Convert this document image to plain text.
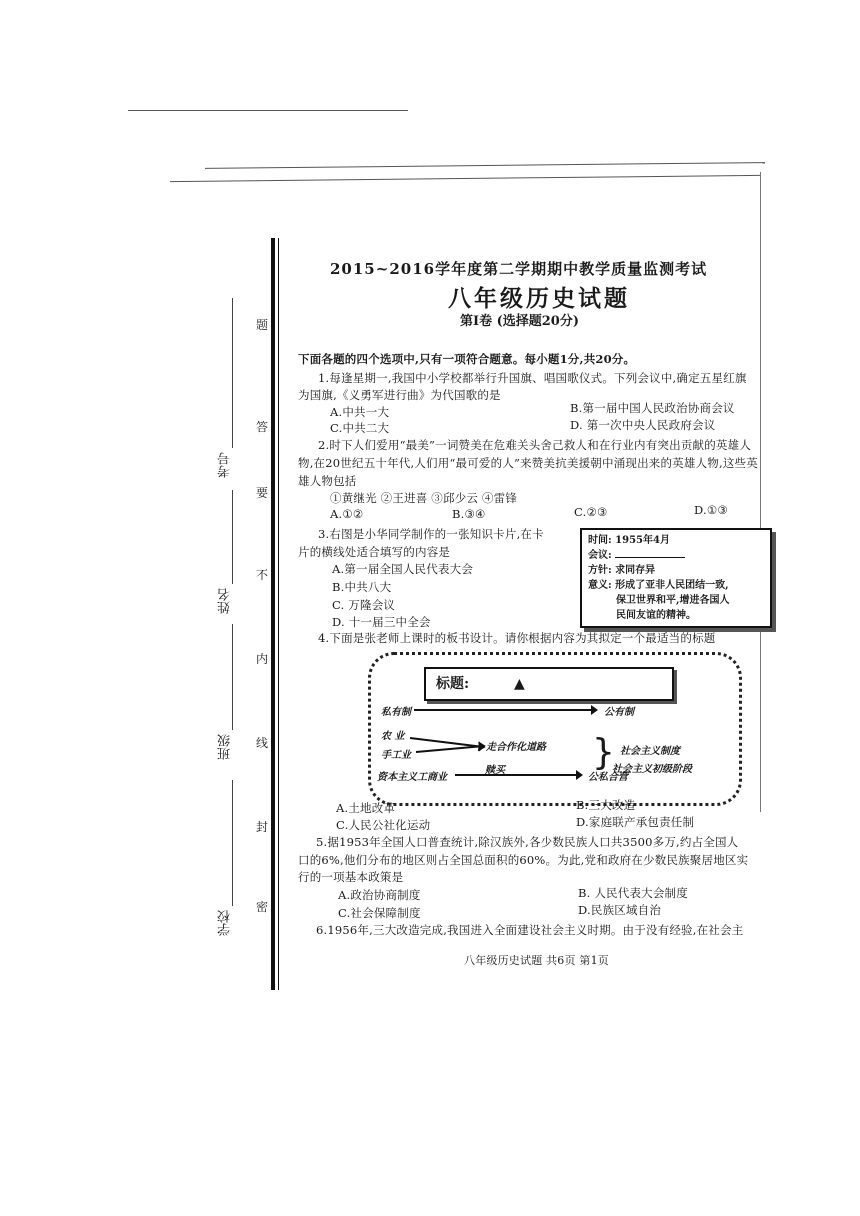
题
答
要
不
内
线
封
密
考号
姓名
班级
学校
2015~2016学年度第二学期期中教学质量监测考试
八年级历史试题
第Ⅰ卷 (选择题20分)
下面各题的四个选项中,只有一项符合题意。每小题1分,共20分。
1.每逢星期一,我国中小学校都举行升国旗、唱国歌仪式。下列会议中,确定五星红旗
为国旗,《义勇军进行曲》为代国歌的是
A.中共一大	B.第一届中国人民政治协商会议
C.中共二大	D. 第一次中央人民政府会议
2.时下人们爱用“最美”一词赞美在危难关头舍己救人和在行业内有突出贡献的英雄人
物,在20世纪五十年代,人们用“最可爱的人”来赞美抗美援朝中涌现出来的英雄人物,这些英
雄人物包括
①黄继光 ②王进喜 ③邱少云 ④雷锋
A.①②	B.③④	C.②③	D.①③
3.右图是小华同学制作的一张知识卡片,在卡
片的横线处适合填写的内容是
A.第一届全国人民代表大会
B.中共八大
C. 万隆会议
D. 十一届三中全会
时间: 1955年4月
会议:
方针: 求同存异
意义: 形成了亚非人民团结一致,
保卫世界和平,增进各国人
民间友谊的精神。
4.下面是张老师上课时的板书设计。请你根据内容为其拟定一个最适当的标题
标题:	▲
私有制	公有制
农 业
手工业
资本主义工商业
走合作化道路
赎买
公私合营
} 社会主义制度
社会主义初级阶段
A.土地改革	B.三大改造
C.人民公社化运动	D.家庭联产承包责任制
5.据1953年全国人口普查统计,除汉族外,各少数民族人口共3500多万,约占全国人
口的6%,他们分布的地区则占全国总面积的60%。为此,党和政府在少数民族聚居地区实
行的一项基本政策是
A.政治协商制度	B. 人民代表大会制度
C.社会保障制度	D.民族区域自治
6.1956年,三大改造完成,我国进入全面建设社会主义时期。由于没有经验,在社会主
八年级历史试题 共6页 第1页
